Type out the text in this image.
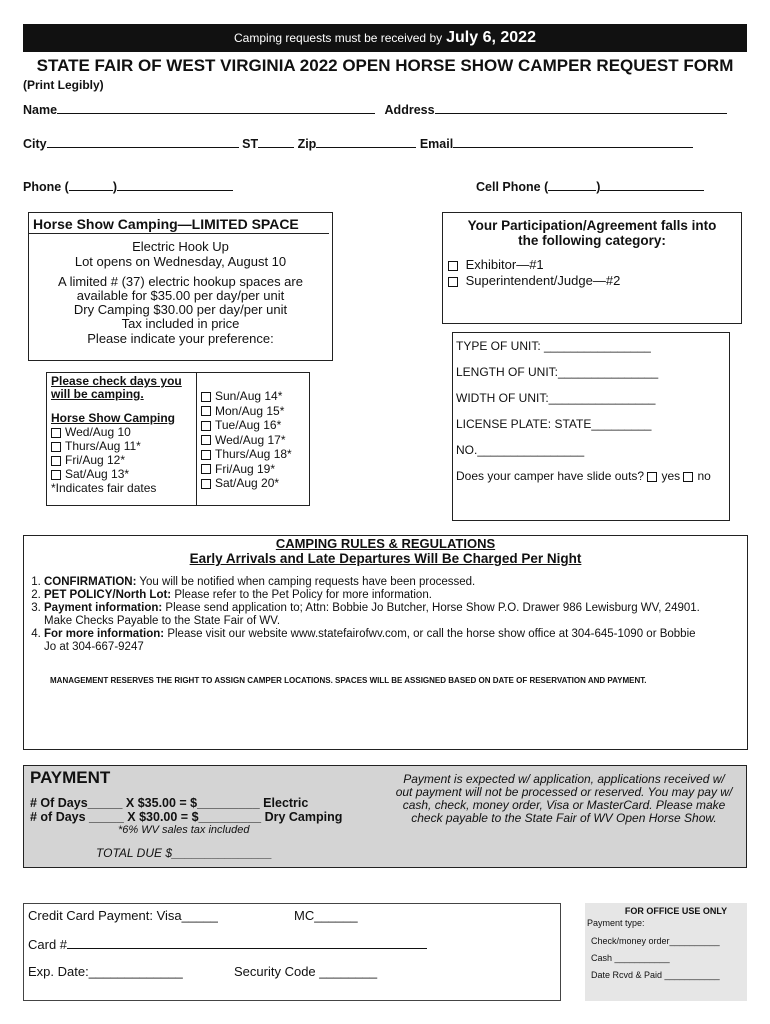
Camping requests must be received by July 6, 2022
STATE FAIR OF WEST VIRGINIA 2022 OPEN HORSE SHOW CAMPER REQUEST FORM
(Print Legibly)
Name	Address
City	ST	Zip	Email
Phone (	)	Cell Phone (	)
Horse Show Camping—LIMITED SPACE
Electric Hook Up
Lot opens on Wednesday, August 10
A limited # (37) electric hookup spaces are
available for $35.00 per day/per unit
Dry Camping $30.00 per day/per unit
Tax included in price
Please indicate your preference:
Your Participation/Agreement falls into
the following category:
Exhibitor—#1
Superintendent/Judge—#2
TYPE OF UNIT: ________________
LENGTH OF UNIT:_______________
WIDTH OF UNIT:________________
LICENSE PLATE: STATE_________
NO.________________
Does your camper have slide outs? yes no
Please check days you
will be camping.
Horse Show Camping
Wed/Aug 10
Thurs/Aug 11*
Fri/Aug 12*
Sat/Aug 13*
*Indicates fair dates
Sun/Aug 14*
Mon/Aug 15*
Tue/Aug 16*
Wed/Aug 17*
Thurs/Aug 18*
Fri/Aug 19*
Sat/Aug 20*
CAMPING RULES & REGULATIONS
Early Arrivals and Late Departures Will Be Charged Per Night
1. CONFIRMATION: You will be notified when camping requests have been processed.
2. PET POLICY/North Lot: Please refer to the Pet Policy for more information.
3. Payment information: Please send application to; Attn: Bobbie Jo Butcher, Horse Show P.O. Drawer 986 Lewisburg WV, 24901. Make Checks Payable to the State Fair of WV.
4. For more information: Please visit our website www.statefairofwv.com, or call the horse show office at 304-645-1090 or Bobbie Jo at 304-667-9247
MANAGEMENT RESERVES THE RIGHT TO ASSIGN CAMPER LOCATIONS. SPACES WILL BE ASSIGNED BASED ON DATE OF RESERVATION AND PAYMENT.
PAYMENT
# Of Days_____ X $35.00 = $_________ Electric
# of Days _____ X $30.00 = $_________ Dry Camping
*6% WV sales tax included
TOTAL DUE $_______________
Payment is expected w/ application, applications received w/ out payment will not be processed or reserved. You may pay w/ cash, check, money order, Visa or MasterCard. Please make check payable to the State Fair of WV Open Horse Show.
Credit Card Payment: Visa_____	MC______
Card #
Exp. Date:_____________	Security Code ________
FOR OFFICE USE ONLY
Payment type:
Check/money order__________
Cash ___________
Date Rcvd & Paid ___________
